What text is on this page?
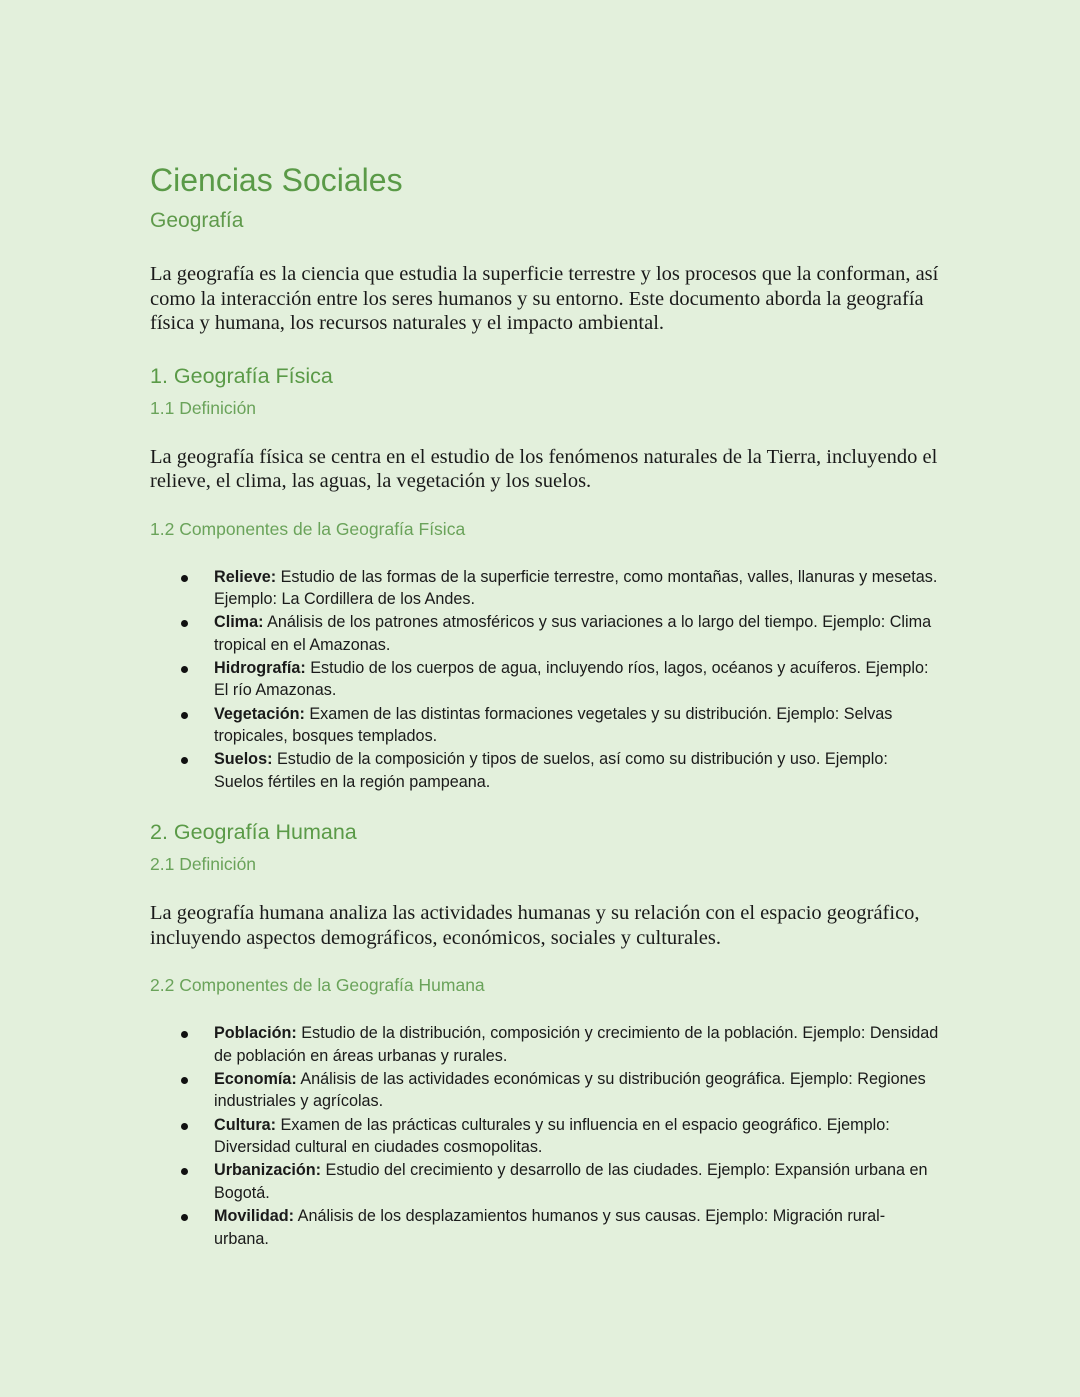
Ciencias Sociales
Geografía

La geografía es la ciencia que estudia la superficie terrestre y los procesos que la conforman, así como la interacción entre los seres humanos y su entorno. Este documento aborda la geografía física y humana, los recursos naturales y el impacto ambiental.

1. Geografía Física
1.1 Definición

La geografía física se centra en el estudio de los fenómenos naturales de la Tierra, incluyendo el relieve, el clima, las aguas, la vegetación y los suelos.

1.2 Componentes de la Geografía Física
Relieve: Estudio de las formas de la superficie terrestre, como montañas, valles, llanuras y mesetas. Ejemplo: La Cordillera de los Andes.
Clima: Análisis de los patrones atmosféricos y sus variaciones a lo largo del tiempo. Ejemplo: Clima tropical en el Amazonas.
Hidrografía: Estudio de los cuerpos de agua, incluyendo ríos, lagos, océanos y acuíferos. Ejemplo: El río Amazonas.
Vegetación: Examen de las distintas formaciones vegetales y su distribución. Ejemplo: Selvas tropicales, bosques templados.
Suelos: Estudio de la composición y tipos de suelos, así como su distribución y uso. Ejemplo: Suelos fértiles en la región pampeana.
2. Geografía Humana
2.1 Definición

La geografía humana analiza las actividades humanas y su relación con el espacio geográfico, incluyendo aspectos demográficos, económicos, sociales y culturales.

2.2 Componentes de la Geografía Humana
Población: Estudio de la distribución, composición y crecimiento de la población. Ejemplo: Densidad de población en áreas urbanas y rurales.
Economía: Análisis de las actividades económicas y su distribución geográfica. Ejemplo: Regiones industriales y agrícolas.
Cultura: Examen de las prácticas culturales y su influencia en el espacio geográfico. Ejemplo: Diversidad cultural en ciudades cosmopolitas.
Urbanización: Estudio del crecimiento y desarrollo de las ciudades. Ejemplo: Expansión urbana en Bogotá.
Movilidad: Análisis de los desplazamientos humanos y sus causas. Ejemplo: Migración rural-urbana.
